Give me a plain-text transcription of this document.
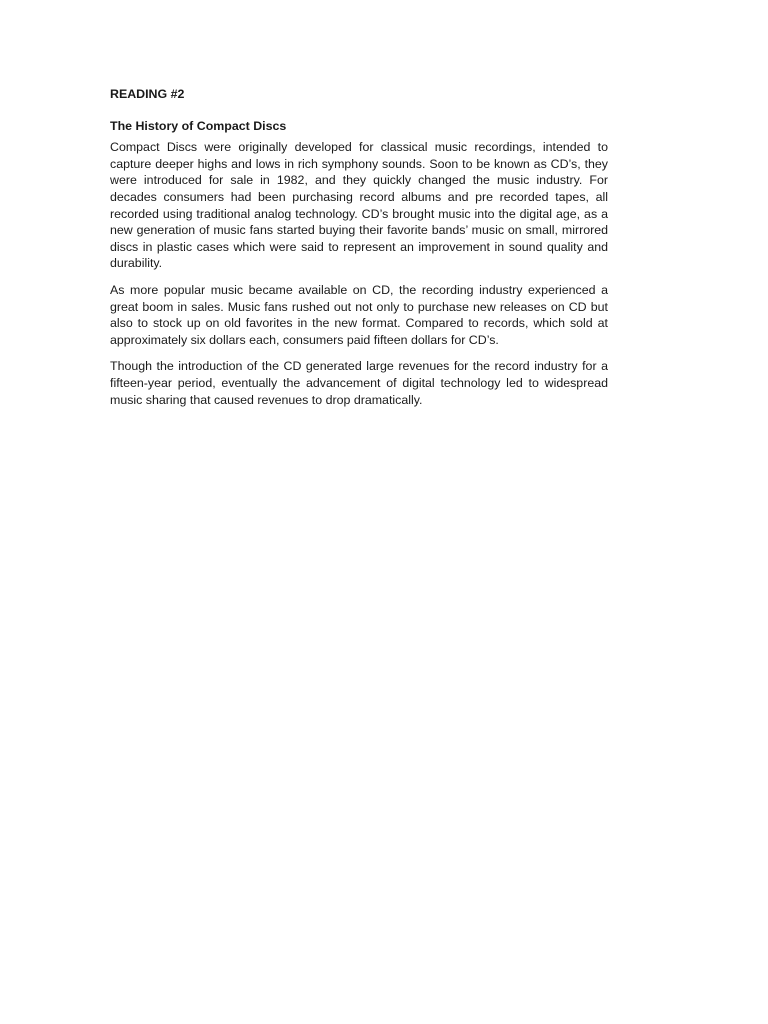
READING #2

The History of Compact Discs

Compact Discs were originally developed for classical music recordings, intended to capture deeper highs and lows in rich symphony sounds. Soon to be known as CD’s, they were introduced for sale in 1982, and they quickly changed the music industry. For decades consumers had been purchasing record albums and pre recorded tapes, all recorded using traditional analog technology. CD’s brought music into the digital age, as a new generation of music fans started buying their favorite bands’ music on small, mirrored discs in plastic cases which were said to represent an improvement in sound quality and durability.

As more popular music became available on CD, the recording industry experienced a great boom in sales. Music fans rushed out not only to purchase new releases on CD but also to stock up on old favorites in the new format. Compared to records, which sold at approximately six dollars each, consumers paid fifteen dollars for CD’s.

Though the introduction of the CD generated large revenues for the record industry for a fifteen-year period, eventually the advancement of digital technology led to widespread music sharing that caused revenues to drop dramatically.
